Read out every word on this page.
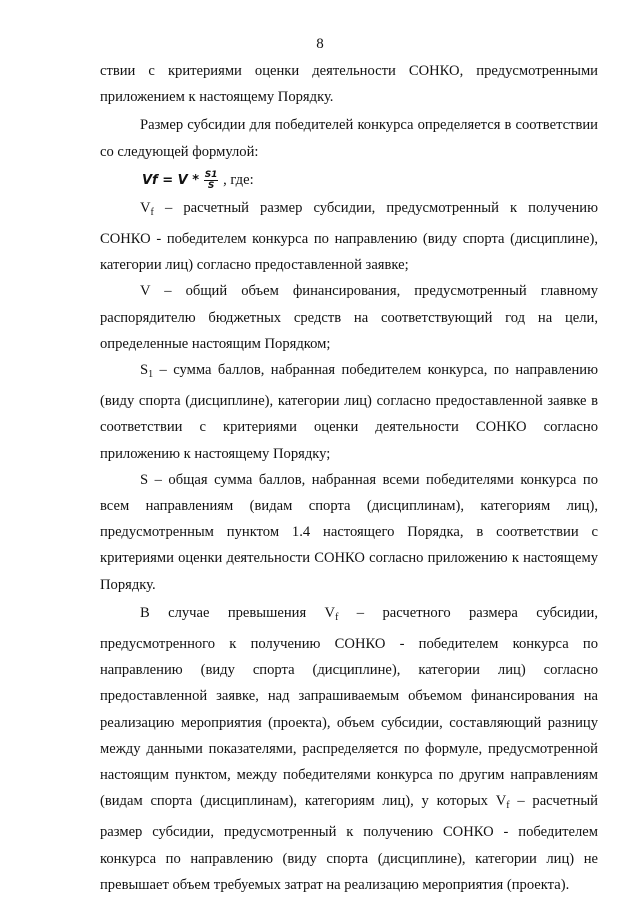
8

ствии с критериями оценки деятельности СОНКО, предусмотренными приложением к настоящему Порядку.

Размер субсидии для победителей конкурса определяется в соответствии со следующей формулой:

$Vf = V * \frac{S1}{S}$ , где:

$V_f$ – расчетный размер субсидии, предусмотренный к получению СОНКО - победителем конкурса по направлению (виду спорта (дисциплине), категории лиц) согласно предоставленной заявке;

V – общий объем финансирования, предусмотренный главному распорядителю бюджетных средств на соответствующий год на цели, определенные настоящим Порядком;

$S_1$ – сумма баллов, набранная победителем конкурса, по направлению (виду спорта (дисциплине), категории лиц) согласно предоставленной заявке в соответствии с критериями оценки деятельности СОНКО согласно приложению к настоящему Порядку;

S – общая сумма баллов, набранная всеми победителями конкурса по всем направлениям (видам спорта (дисциплинам), категориям лиц), предусмотренным пунктом 1.4 настоящего Порядка, в соответствии с критериями оценки деятельности СОНКО согласно приложению к настоящему Порядку.

В случае превышения $V_f$ – расчетного размера субсидии, предусмотренного к получению СОНКО - победителем конкурса по направлению (виду спорта (дисциплине), категории лиц) согласно предоставленной заявке, над запрашиваемым объемом финансирования на реализацию мероприятия (проекта), объем субсидии, составляющий разницу между данными показателями, распределяется по формуле, предусмотренной настоящим пунктом, между победителями конкурса по другим направлениям (видам спорта (дисциплинам), категориям лиц), у которых $V_f$ – расчетный размер субсидии, предусмотренный к получению СОНКО - победителем конкурса по направлению (виду спорта (дисциплине), категории лиц) не превышает объем требуемых затрат на реализацию мероприятия (проекта).
